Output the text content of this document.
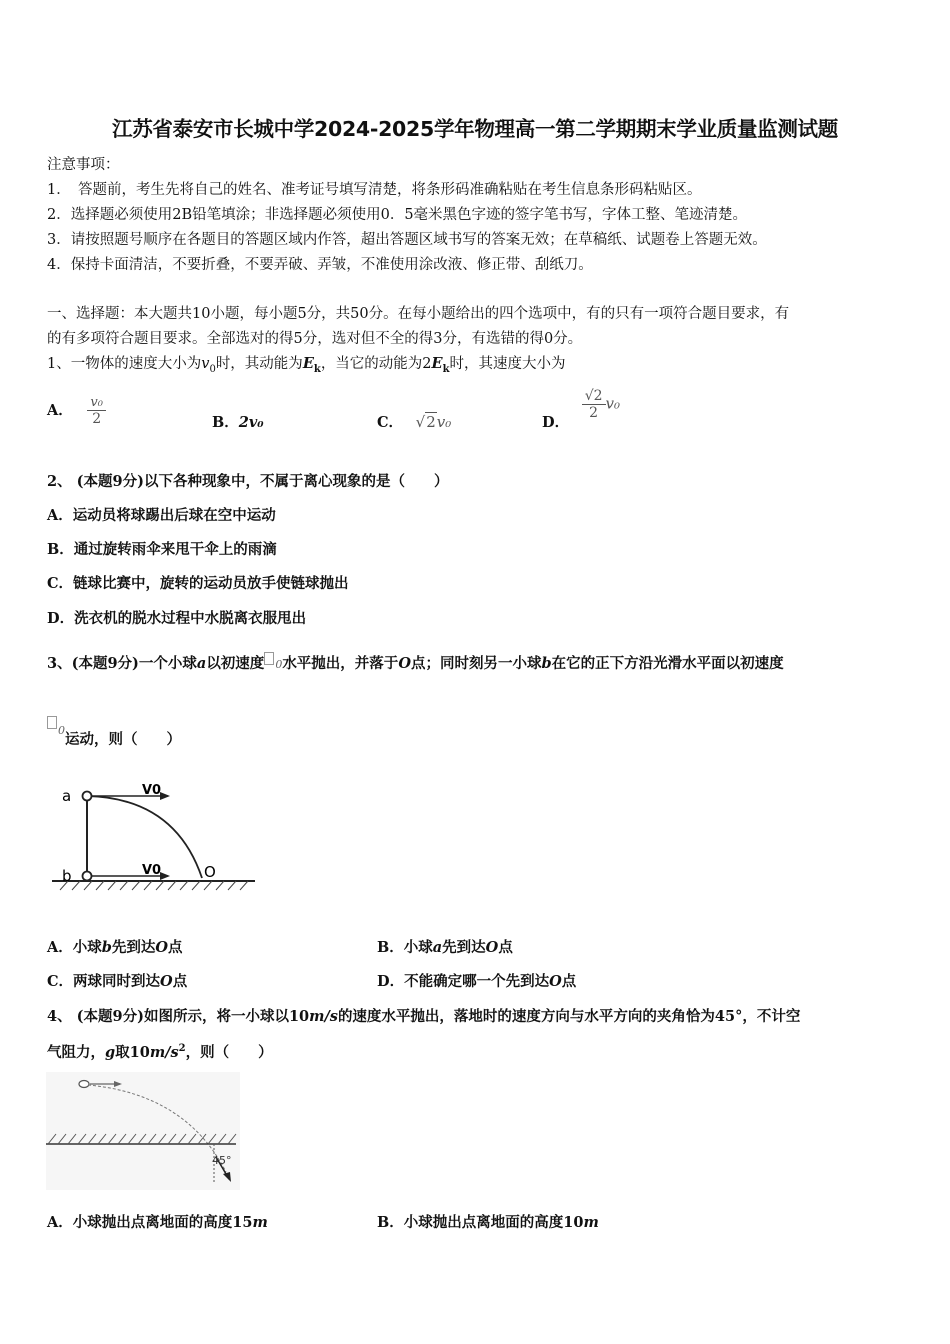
江苏省泰安市长城中学2024-2025学年物理高一第二学期期末学业质量监测试题
注意事项：
1．　答题前，考生先将自己的姓名、准考证号填写清楚，将条形码准确粘贴在考生信息条形码粘贴区。
2．选择题必须使用2B铅笔填涂；非选择题必须使用0．5毫米黑色字迹的签字笔书写，字体工整、笔迹清楚。
3．请按照题号顺序在各题目的答题区域内作答，超出答题区域书写的答案无效；在草稿纸、试题卷上答题无效。
4．保持卡面清洁，不要折叠，不要弄破、弄皱，不准使用涂改液、修正带、刮纸刀。
一、选择题：本大题共10小题，每小题5分，共50分。在每小题给出的四个选项中，有的只有一项符合题目要求，有
的有多项符合题目要求。全部选对的得5分，选对但不全的得3分，有选错的得0分。
1、一物体的速度大小为$v_0$时，其动能为$E_k$，当它的动能为$2E_k$时，其速度大小为
A． $\frac{\text{v₀}}{2}$	B．2v₀	C． √2v₀	D．
$\frac{√2}{2} v_0$
2、 (本题9分)以下各种现象中，不属于离心现象的是（　　）
A．运动员将球踢出后球在空中运动
B．通过旋转雨伞来甩干伞上的雨滴
C．链球比赛中，旋转的运动员放手使链球抛出
D．洗衣机的脱水过程中水脱离衣服甩出
3、(本题9分)一个小球a以初速度 0水平抛出，并落于O点；同时刻另一小球b在它的正下方沿光滑水平面以初速度
$^0$运动，则（　　）
a
b
V0
V0	O
A．小球b先到达O点	B．小球a先到达O点
C．两球同时到达O点	D．不能确定哪一个先到达O点
4、 (本题9分)如图所示，将一小球以10m/s的速度水平抛出，落地时的速度方向与水平方向的夹角恰为45°，不计空
气阻力，g取$10m/s^2$，则（　　）
45°
A．小球抛出点离地面的高度15m	B．小球抛出点离地面的高度10m
